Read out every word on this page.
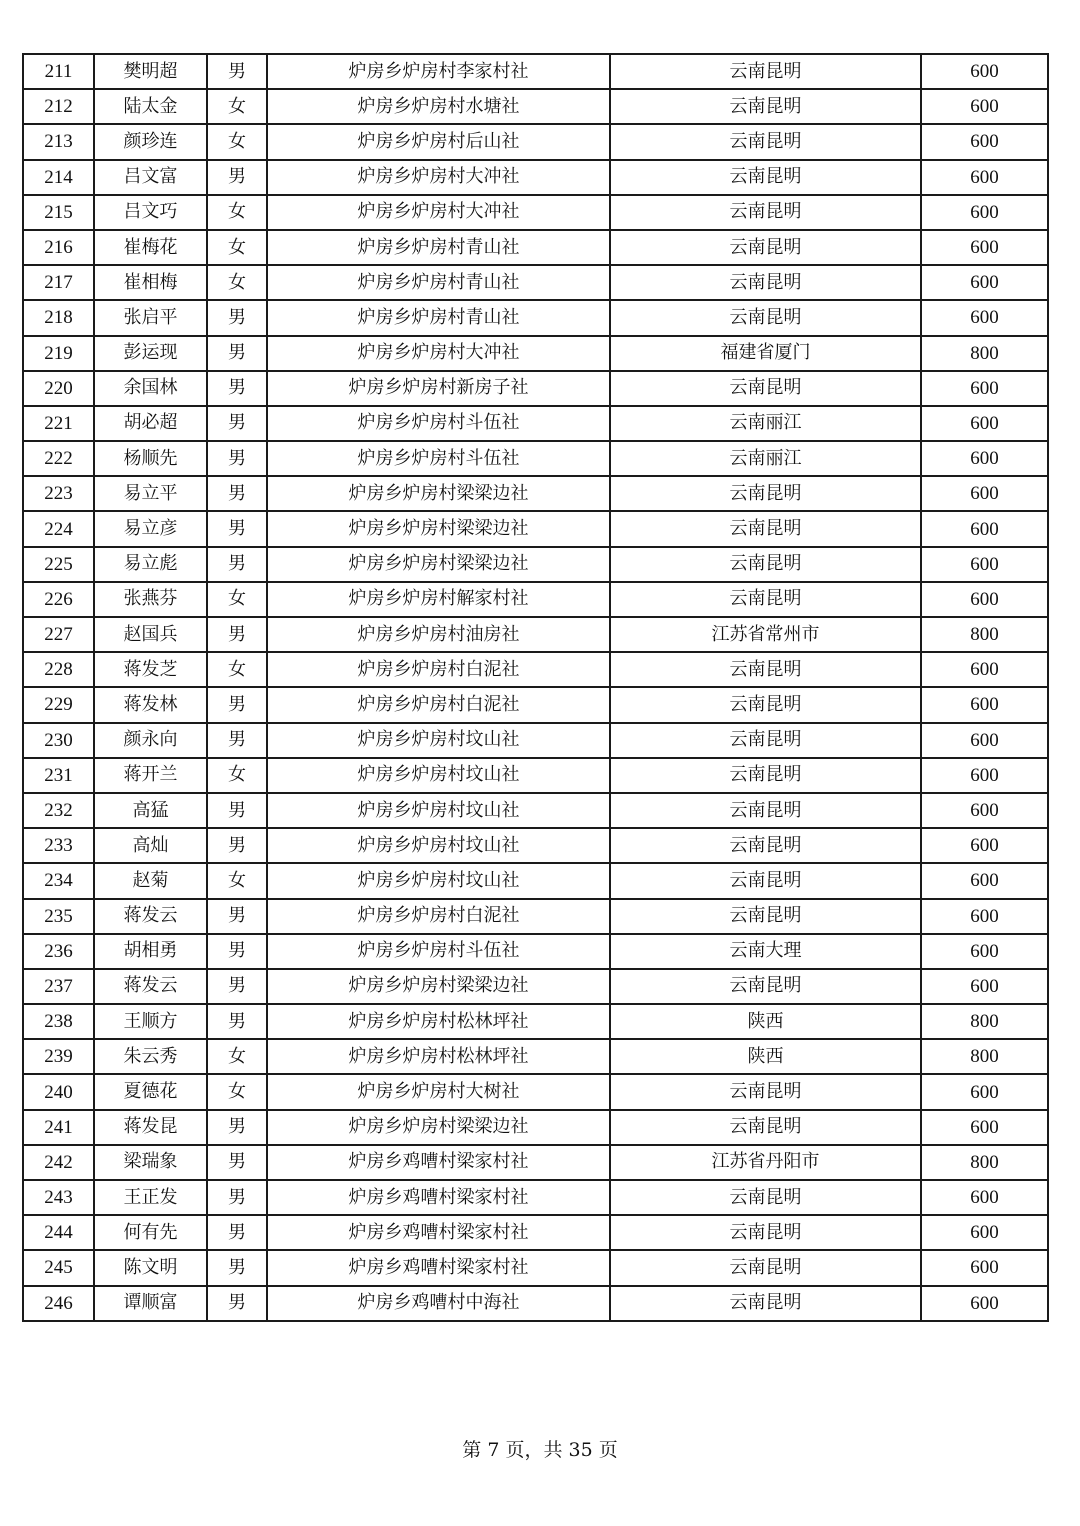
211	樊明超	男	炉房乡炉房村李家村社	云南昆明	600
212	陆太金	女	炉房乡炉房村水塘社	云南昆明	600
213	颜珍连	女	炉房乡炉房村后山社	云南昆明	600
214	吕文富	男	炉房乡炉房村大冲社	云南昆明	600
215	吕文巧	女	炉房乡炉房村大冲社	云南昆明	600
216	崔梅花	女	炉房乡炉房村青山社	云南昆明	600
217	崔相梅	女	炉房乡炉房村青山社	云南昆明	600
218	张启平	男	炉房乡炉房村青山社	云南昆明	600
219	彭运现	男	炉房乡炉房村大冲社	福建省厦门	800
220	余国林	男	炉房乡炉房村新房子社	云南昆明	600
221	胡必超	男	炉房乡炉房村斗伍社	云南丽江	600
222	杨顺先	男	炉房乡炉房村斗伍社	云南丽江	600
223	易立平	男	炉房乡炉房村梁梁边社	云南昆明	600
224	易立彦	男	炉房乡炉房村梁梁边社	云南昆明	600
225	易立彪	男	炉房乡炉房村梁梁边社	云南昆明	600
226	张燕芬	女	炉房乡炉房村解家村社	云南昆明	600
227	赵国兵	男	炉房乡炉房村油房社	江苏省常州市	800
228	蒋发芝	女	炉房乡炉房村白泥社	云南昆明	600
229	蒋发林	男	炉房乡炉房村白泥社	云南昆明	600
230	颜永向	男	炉房乡炉房村坟山社	云南昆明	600
231	蒋开兰	女	炉房乡炉房村坟山社	云南昆明	600
232	高猛	男	炉房乡炉房村坟山社	云南昆明	600
233	高灿	男	炉房乡炉房村坟山社	云南昆明	600
234	赵菊	女	炉房乡炉房村坟山社	云南昆明	600
235	蒋发云	男	炉房乡炉房村白泥社	云南昆明	600
236	胡相勇	男	炉房乡炉房村斗伍社	云南大理	600
237	蒋发云	男	炉房乡炉房村梁梁边社	云南昆明	600
238	王顺方	男	炉房乡炉房村松林坪社	陕西	800
239	朱云秀	女	炉房乡炉房村松林坪社	陕西	800
240	夏德花	女	炉房乡炉房村大树社	云南昆明	600
241	蒋发昆	男	炉房乡炉房村梁梁边社	云南昆明	600
242	梁瑞象	男	炉房乡鸡嘈村梁家村社	江苏省丹阳市	800
243	王正发	男	炉房乡鸡嘈村梁家村社	云南昆明	600
244	何有先	男	炉房乡鸡嘈村梁家村社	云南昆明	600
245	陈文明	男	炉房乡鸡嘈村梁家村社	云南昆明	600
246	谭顺富	男	炉房乡鸡嘈村中海社	云南昆明	600
第 7 页，共 35 页
